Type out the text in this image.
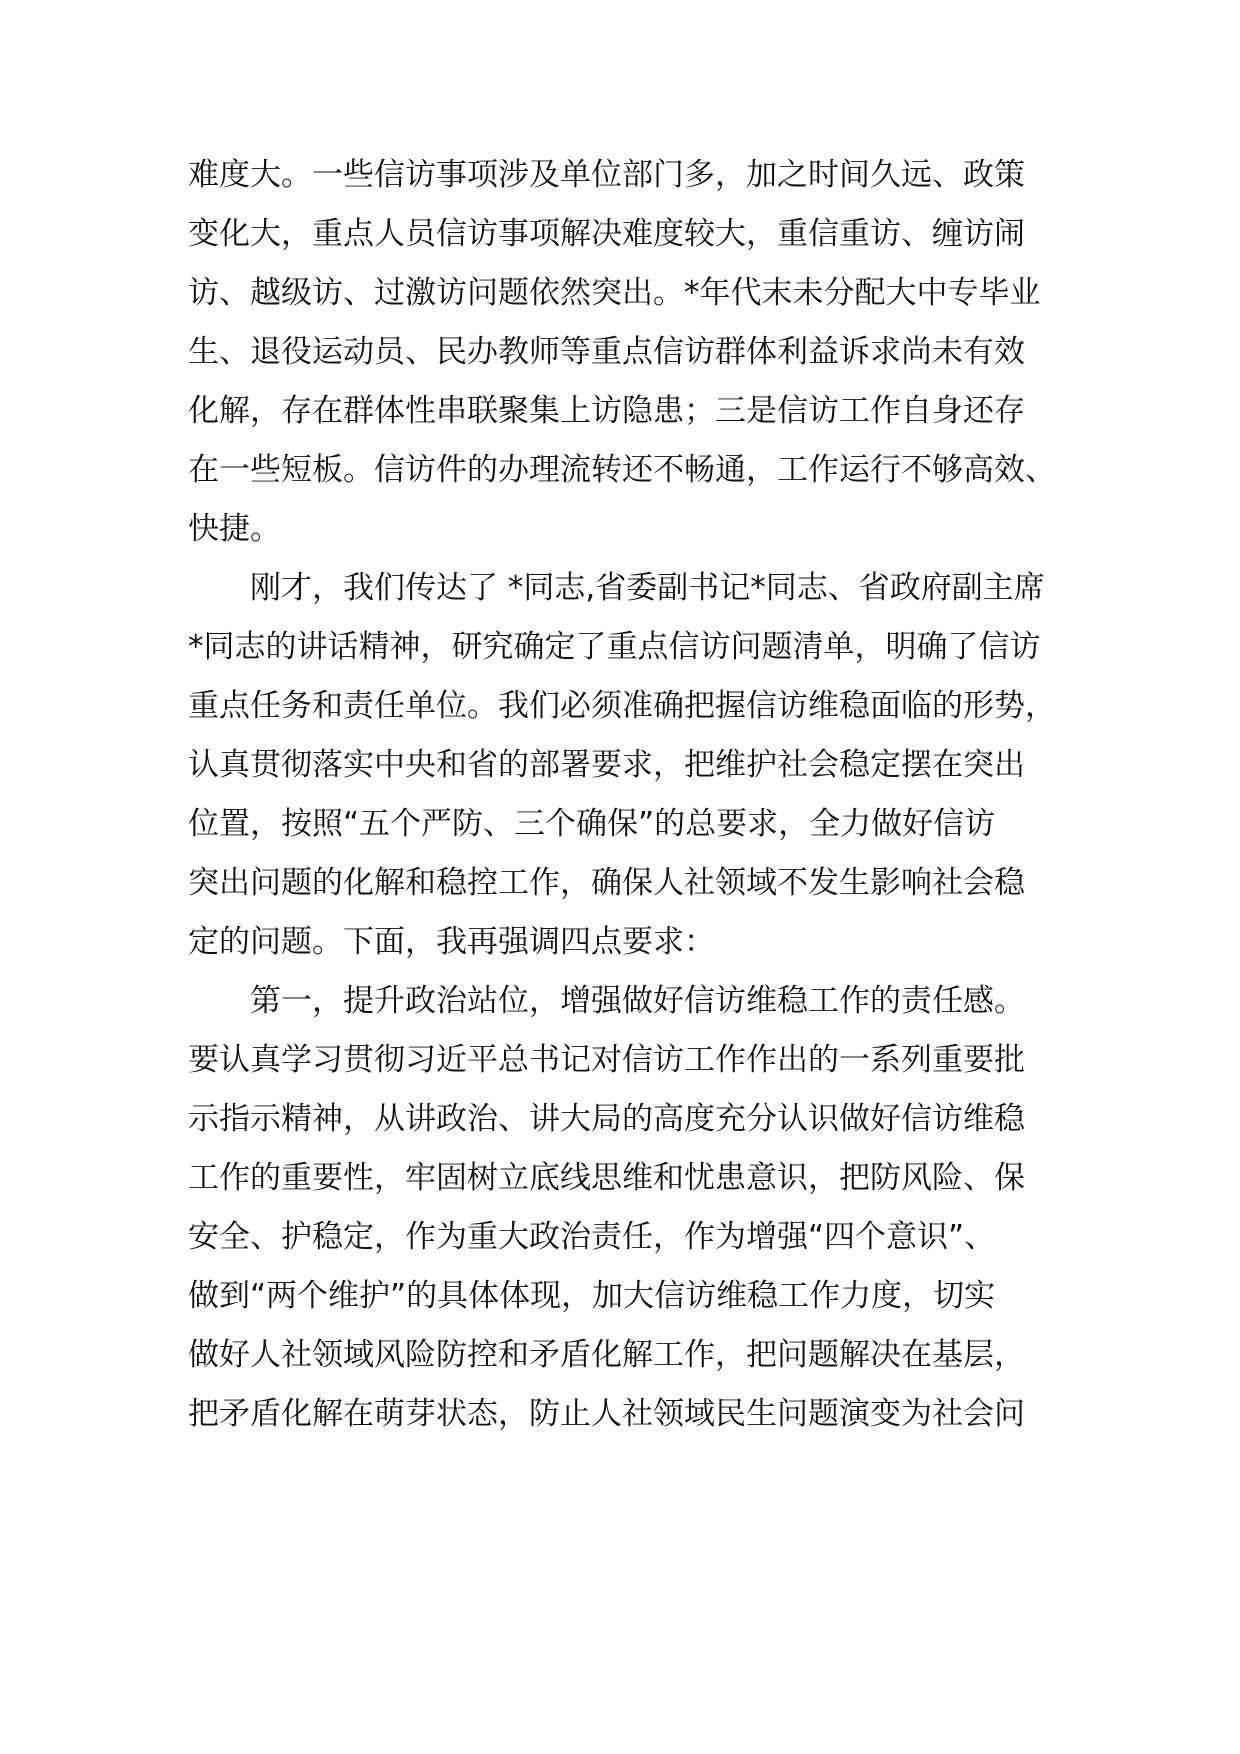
难度大。一些信访事项涉及单位部门多，加之时间久远、政策

变化大，重点人员信访事项解决难度较大，重信重访、缠访闹

访、越级访、过激访问题依然突出。*年代末未分配大中专毕业

生、退役运动员、民办教师等重点信访群体利益诉求尚未有效

化解，存在群体性串联聚集上访隐患；三是信访工作自身还存

在一些短板。信访件的办理流转还不畅通，工作运行不够高效、

快捷。

刚才，我们传达了 *同志,省委副书记*同志、省政府副主席

*同志的讲话精神，研究确定了重点信访问题清单，明确了信访

重点任务和责任单位。我们必须准确把握信访维稳面临的形势，

认真贯彻落实中央和省的部署要求，把维护社会稳定摆在突出

位置，按照“五个严防、三个确保”的总要求，全力做好信访

突出问题的化解和稳控工作，确保人社领域不发生影响社会稳

定的问题。下面，我再强调四点要求：

第一，提升政治站位，增强做好信访维稳工作的责任感。

要认真学习贯彻习近平总书记对信访工作作出的一系列重要批

示指示精神，从讲政治、讲大局的高度充分认识做好信访维稳

工作的重要性，牢固树立底线思维和忧患意识，把防风险、保

安全、护稳定，作为重大政治责任，作为增强“四个意识”、

做到“两个维护”的具体体现，加大信访维稳工作力度，切实

做好人社领域风险防控和矛盾化解工作，把问题解决在基层，

把矛盾化解在萌芽状态，防止人社领域民生问题演变为社会问
